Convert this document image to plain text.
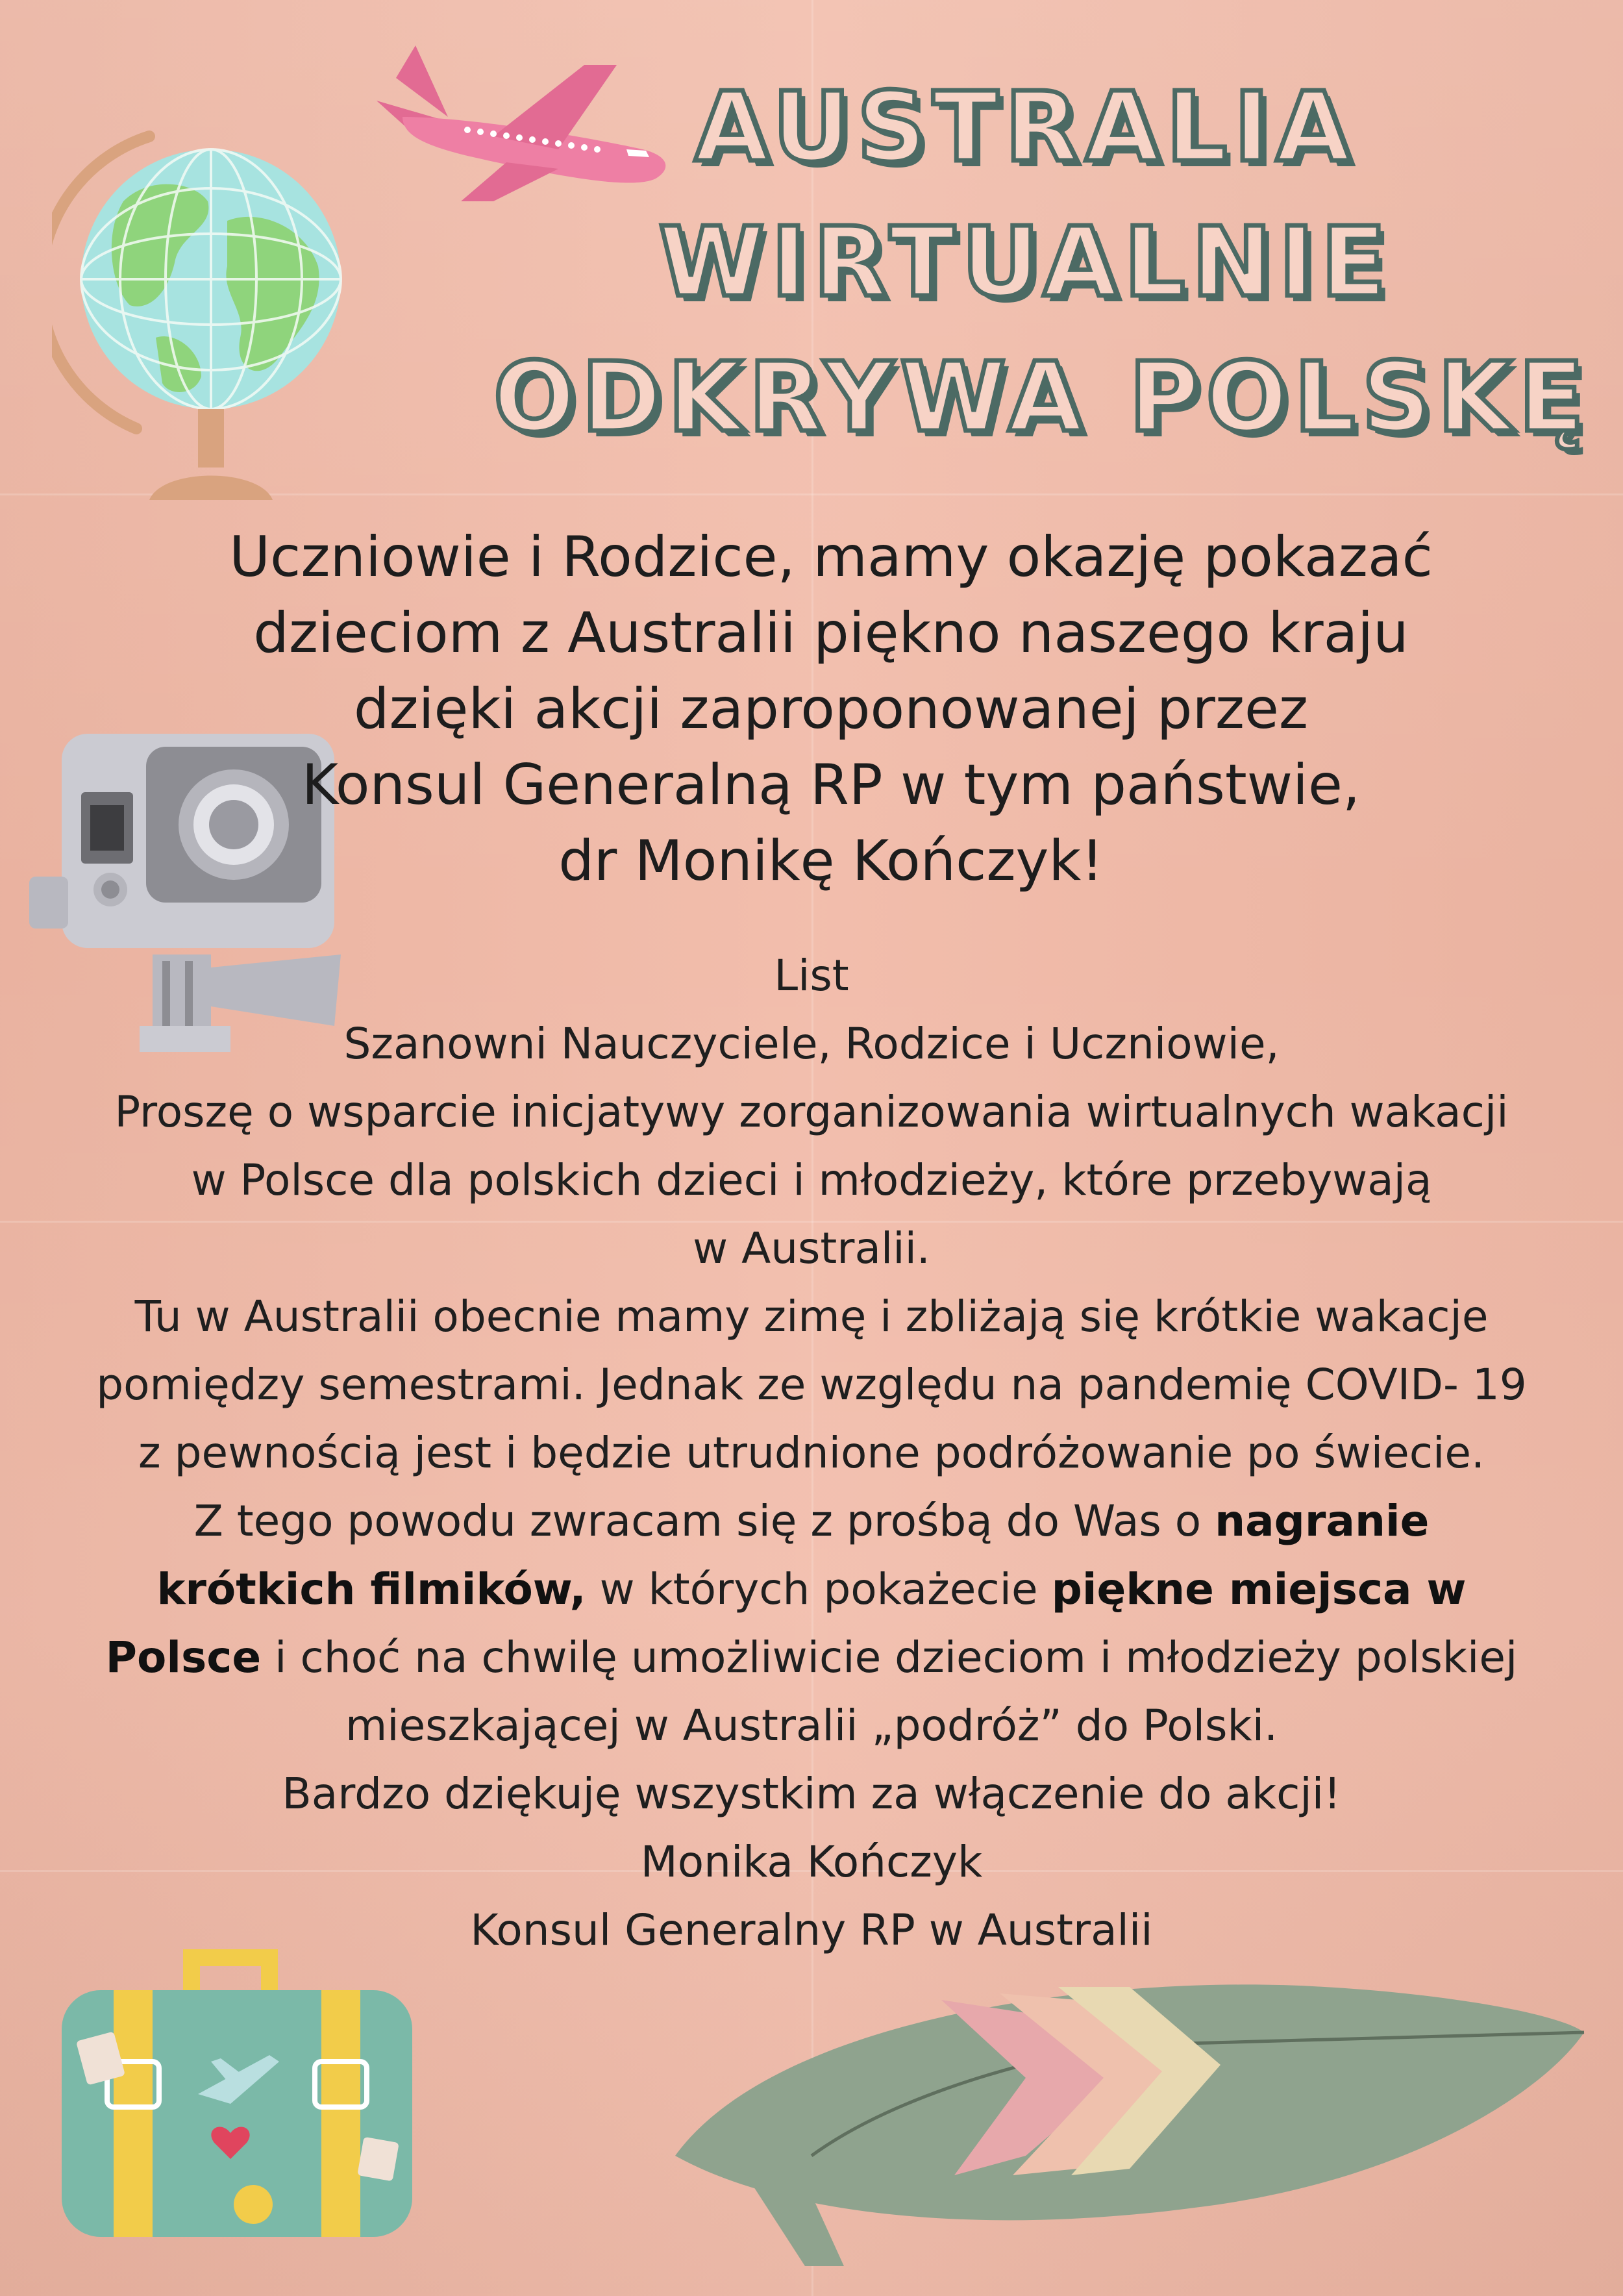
AUSTRALIA
WIRTUALNIE
ODKRYWA POLSKĘ

Uczniowie i Rodzice, mamy okazję pokazać

dzieciom z Australii piękno naszego kraju

dzięki akcji zaproponowanej przez

Konsul Generalną RP w tym państwie,

dr Monikę Kończyk!

List

Szanowni Nauczyciele, Rodzice i Uczniowie,

Proszę o wsparcie inicjatywy zorganizowania wirtualnych wakacji

w Polsce dla polskich dzieci i młodzieży, które przebywają

w Australii.

Tu w Australii obecnie mamy zimę i zbliżają się krótkie wakacje

pomiędzy semestrami. Jednak ze względu na pandemię COVID- 19

z pewnością jest i będzie utrudnione podróżowanie po świecie.

Z tego powodu zwracam się z prośbą do Was o nagranie

krótkich filmików, w których pokażecie piękne miejsca w

Polsce i choć na chwilę umożliwicie dzieciom i młodzieży polskiej

mieszkającej w Australii „podróż” do Polski.

Bardzo dziękuję wszystkim za włączenie do akcji!

Monika Kończyk

Konsul Generalny RP w Australii
